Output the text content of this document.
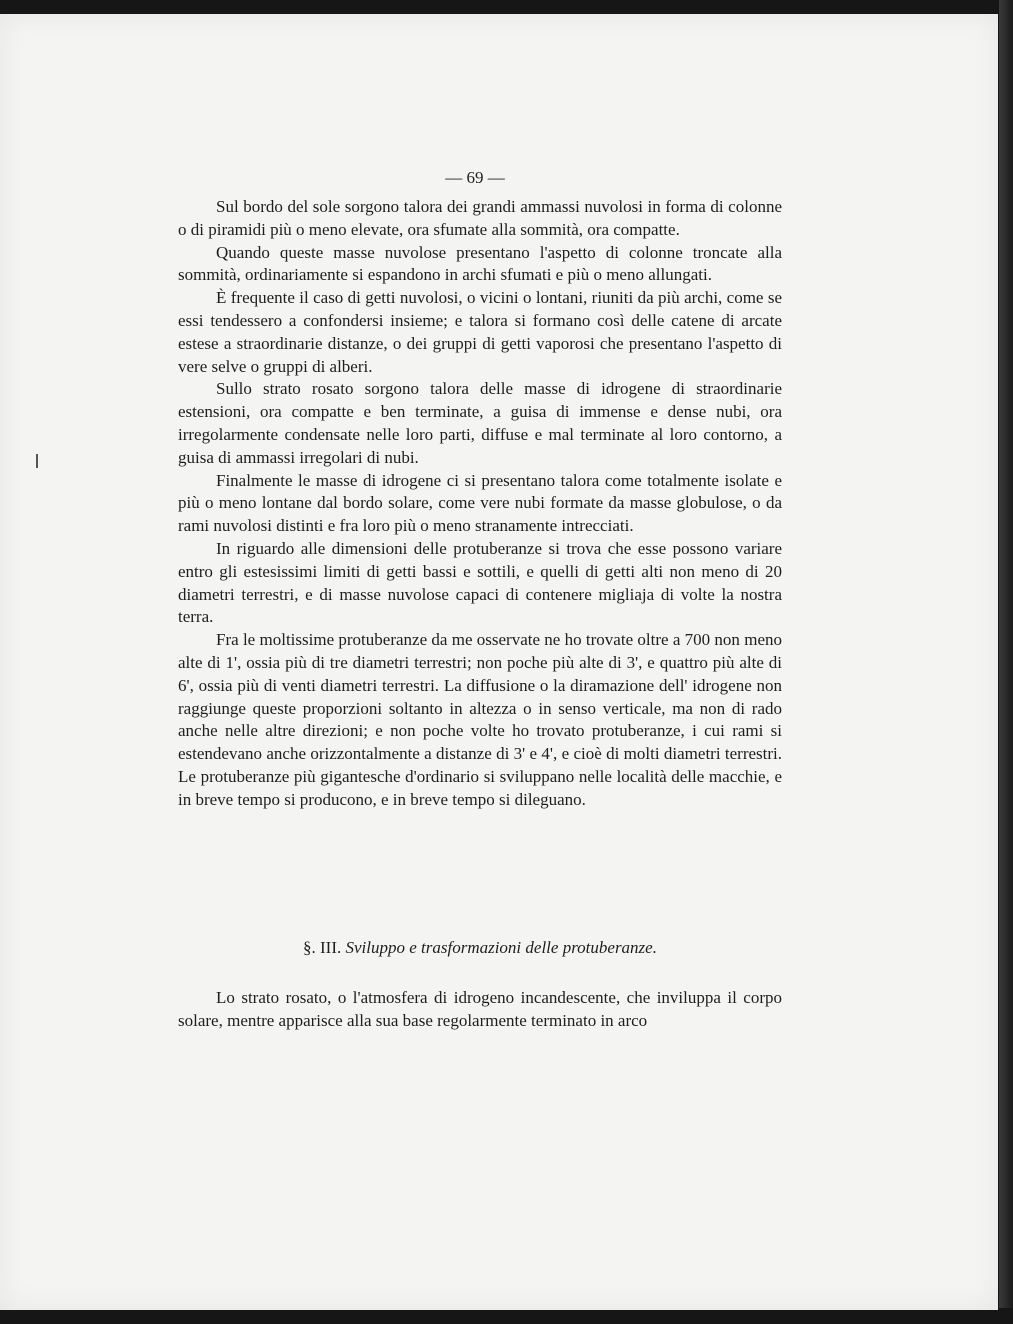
— 69 —

Sul bordo del sole sorgono talora dei grandi ammassi nuvolosi in forma di colonne o di piramidi più o meno elevate, ora sfumate alla sommità, ora compatte.

Quando queste masse nuvolose presentano l'aspetto di colonne troncate alla sommità, ordinariamente si espandono in archi sfumati e più o meno allungati.

È frequente il caso di getti nuvolosi, o vicini o lontani, riuniti da più archi, come se essi tendessero a confondersi insieme; e talora si formano così delle catene di arcate estese a straordinarie distanze, o dei gruppi di getti vaporosi che presentano l'aspetto di vere selve o gruppi di alberi.

Sullo strato rosato sorgono talora delle masse di idrogene di straordinarie estensioni, ora compatte e ben terminate, a guisa di immense e dense nubi, ora irregolarmente condensate nelle loro parti, diffuse e mal terminate al loro contorno, a guisa di ammassi irregolari di nubi.

Finalmente le masse di idrogene ci si presentano talora come totalmente isolate e più o meno lontane dal bordo solare, come vere nubi formate da masse globulose, o da rami nuvolosi distinti e fra loro più o meno stranamente intrecciati.

In riguardo alle dimensioni delle protuberanze si trova che esse possono variare entro gli estesissimi limiti di getti bassi e sottili, e quelli di getti alti non meno di 20 diametri terrestri, e di masse nuvolose capaci di contenere migliaja di volte la nostra terra.

Fra le moltissime protuberanze da me osservate ne ho trovate oltre a 700 non meno alte di 1', ossia più di tre diametri terrestri; non poche più alte di 3', e quattro più alte di 6', ossia più di venti diametri terrestri. La diffusione o la diramazione dell' idrogene non raggiunge queste proporzioni soltanto in altezza o in senso verticale, ma non di rado anche nelle altre direzioni; e non poche volte ho trovato protuberanze, i cui rami si estendevano anche orizzontalmente a distanze di 3' e 4', e cioè di molti diametri terrestri. Le protuberanze più gigantesche d'ordinario si sviluppano nelle località delle macchie, e in breve tempo si producono, e in breve tempo si dileguano.

§. III. Sviluppo e trasformazioni delle protuberanze.

Lo strato rosato, o l'atmosfera di idrogeno incandescente, che inviluppa il corpo solare, mentre apparisce alla sua base regolarmente terminato in arco
